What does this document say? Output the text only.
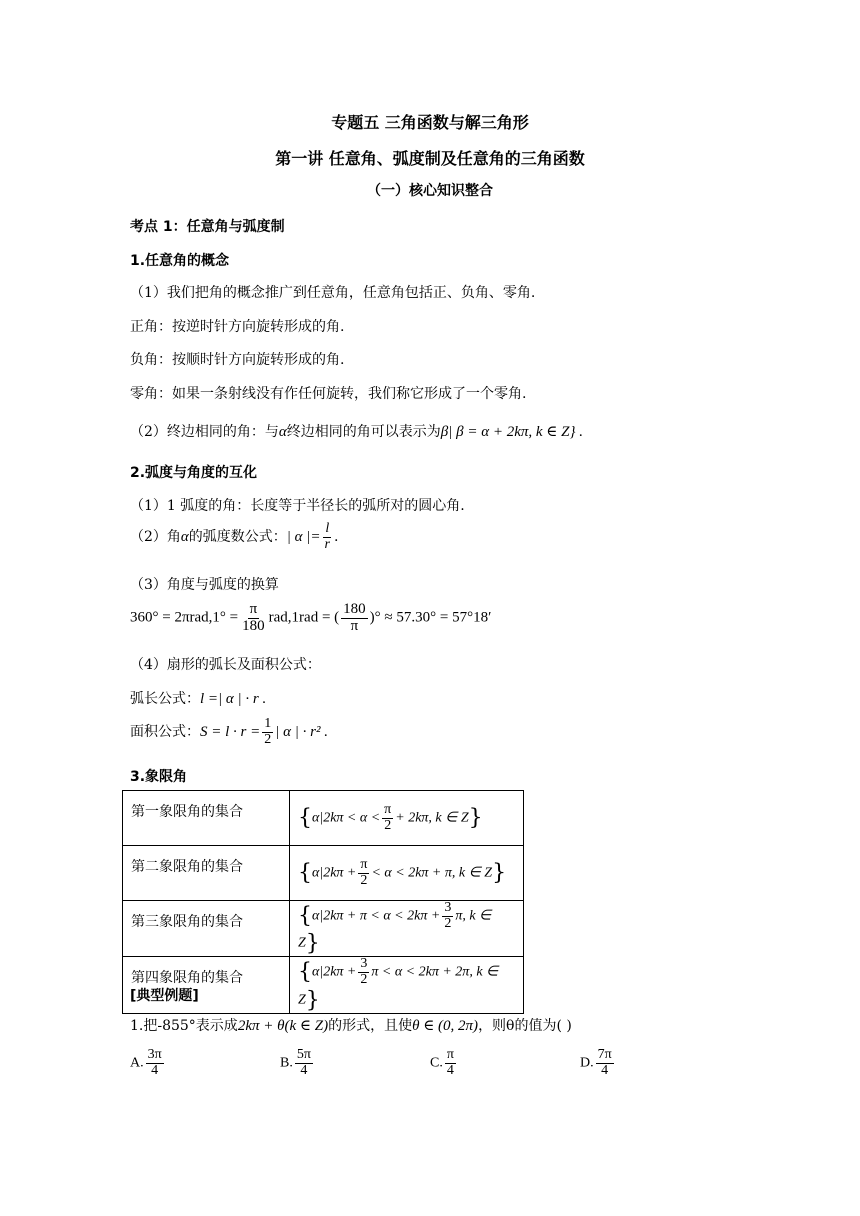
专题五 三角函数与解三角形
第一讲 任意角、弧度制及任意角的三角函数
（一）核心知识整合
考点 1：任意角与弧度制
1.任意角的概念
（1）我们把角的概念推广到任意角，任意角包括正、负角、零角.
正角：按逆时针方向旋转形成的角.
负角：按顺时针方向旋转形成的角.
零角：如果一条射线没有作任何旋转，我们称它形成了一个零角.
（2）终边相同的角：与α终边相同的角可以表示为β| β = α + 2kπ, k ∈ Z} .
2.弧度与角度的互化
（1）1 弧度的角：长度等于半径长的弧所对的圆心角.
（2）角α的弧度数公式：| α |= $\frac{l}{r}$ .
（3）角度与弧度的换算
$360^\circ = 2\pi rad,1^\circ = \frac{\pi}{180} rad,1rad$ = ( $\frac{180}{\pi}$ )° ≈ 57.30° = 57°18′
（4）扇形的弧长及面积公式：
弧长公式：l =| α | · r .
面积公式：$S = l \cdot r = \frac{1}{2}$ | α | · r² .
3.象限角
第一象限角的集合	{$\alpha|2k\pi < \alpha < \frac{\pi}{2} + 2k\pi$, k ∈ Z}
第二象限角的集合	{$\alpha|2k\pi + \frac{\pi}{2} < \alpha < 2k\pi + \pi$, k ∈ Z}
第三象限角的集合	{$\alpha|2k\pi + \pi < \alpha < 2k\pi + \frac{3}{2} \pi$, k ∈ Z}
第四象限角的集合	{$\alpha|2k\pi + \frac{3}{2}$ π < α < 2kπ + 2π, k ∈ Z}
[典型例题]
1.把-855°表示成2kπ + θ(k ∈ Z)的形式，且使θ ∈ (0, 2π)，则θ的值为( )
A. $\frac{3\pi}{4}$	B. $\frac{5\pi}{4}$	C. $\frac{\pi}{4}$	D. $\frac{7\pi}{4}$
